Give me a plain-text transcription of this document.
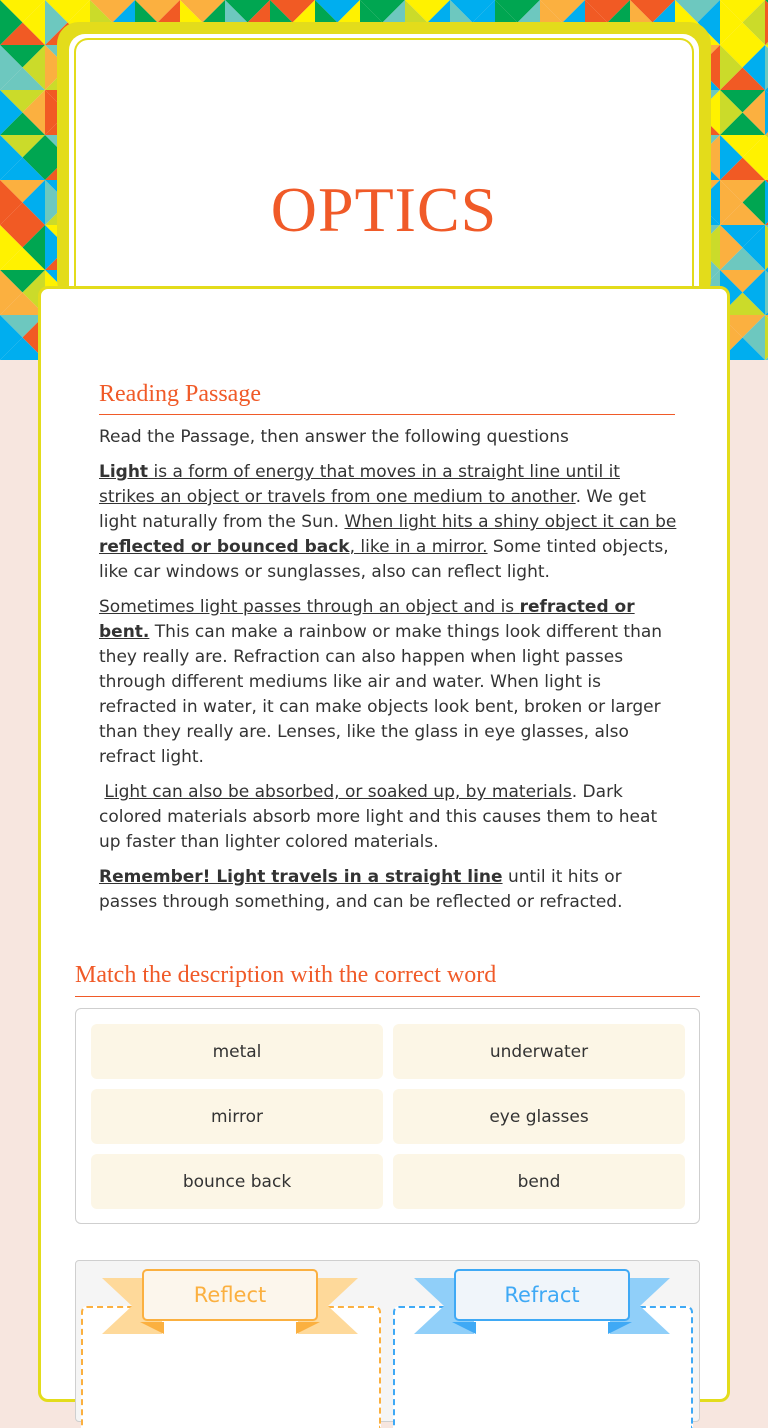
OPTICS
Reading Passage

Read the Passage, then answer the following questions

Light is a form of energy that moves in a straight line until it strikes an object or travels from one medium to another. We get light naturally from the Sun. When light hits a shiny object it can be reflected or bounced back, like in a mirror. Some tinted objects, like car windows or sunglasses, also can reflect light.

Sometimes light passes through an object and is refracted or bent. This can make a rainbow or make things look different than they really are. Refraction can also happen when light passes through different mediums like air and water. When light is refracted in water, it can make objects look bent, broken or larger than they really are. Lenses, like the glass in eye glasses, also refract light.

Light can also be absorbed, or soaked up, by materials. Dark colored materials absorb more light and this causes them to heat up faster than lighter colored materials.

Remember! Light travels in a straight line until it hits or passes through something, and can be reflected or refracted.

Match the description with the correct word
metal	underwater
mirror	eye glasses
bounce back	bend
Reflect	Refract
